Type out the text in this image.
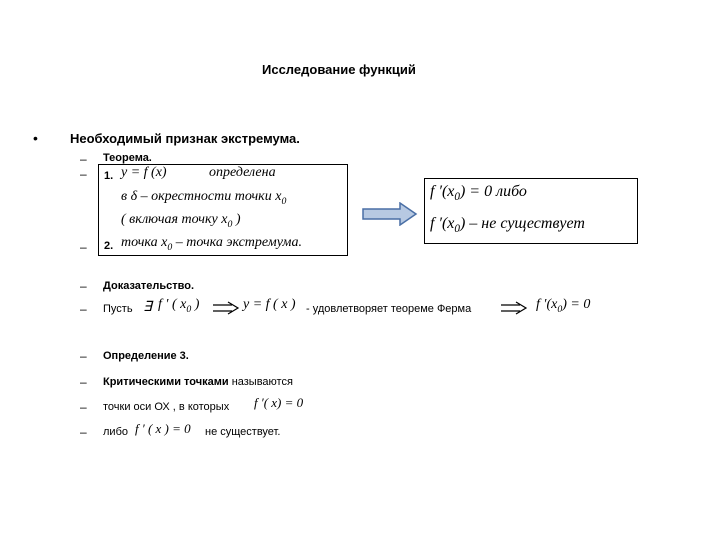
Исследование функций
• Необходимый признак экстремума.
– Теорема.
– 1. y = f (x)	определена
в δ – окрестности точки $x_0$
( включая точку $x_0$ )
2. точка $x_0$ – точка экстремума.
–
f $'(x_0) = 0$ либо
f $'(x_0)$ – не существует
– Доказательство.
– Пусть ∃ f ′ ( $x_0$ )	y = f ( x ) - удовлетворяет теореме Ферма	f $'(x_0) = 0$
– Определение 3.
– Критическими точками называются
– точки оси ОХ , в которых f ′( x) = 0
– либо f ′ ( x ) = 0 не существует.
